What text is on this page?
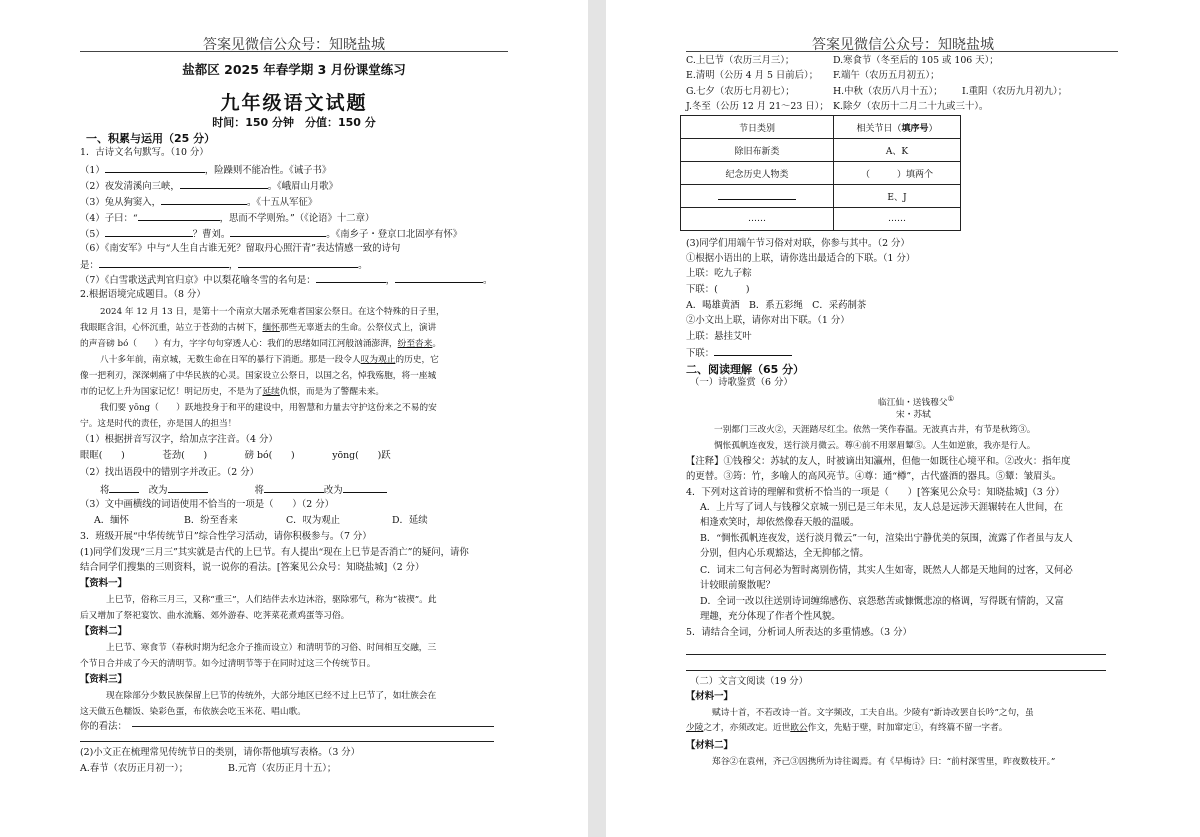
答案见微信公众号：知晓盐城
盐都区 2025 年春学期 3 月份课堂练习
九年级语文试题
时间：150 分钟　分值：150 分
一、积累与运用（25 分）
1．古诗文名句默写。（10 分）
（1）	，险躁则不能冶性。《诫子书》
（2）夜发清溪向三峡，	。《峨眉山月歌》
（3）兔从狗窦入，	。《十五从军征》
（4）子曰：“	，思而不学则殆。”（《论语》十二章）
（5）	？曹刘。	。《南乡子・登京口北固亭有怀》
（6）《南安军》中与“人生自古谁无死？留取丹心照汗青”表达情感一致的诗句
是：	，	。
（7）《白雪歌送武判官归京》中以梨花喻冬雪的名句是：	，	。
2.根据语境完成题目。（8 分）
2024 年 12 月 13 日，是第十一个南京大屠杀死难者国家公祭日。在这个特殊的日子里，
我眼眶含泪，心怀沉重，站立于苍劲的古树下，缅怀那些无辜逝去的生命。公祭仪式上，演讲
的声音磅 bó（　　）有力，字字句句穿透人心：我们的思绪如同江河般汹涌澎湃，纷至沓来。
八十多年前，南京城，无数生命在日军的暴行下消逝。那是一段令人叹为观止的历史，它
像一把利刃，深深刺痛了中华民族的心灵。国家设立公祭日，以国之名，悼我殇胞，将一座城
市的记忆上升为国家记忆！明记历史，不是为了延续仇恨，而是为了警醒未来。
我们要 yōng（　　）跃地投身于和平的建设中，用智慧和力量去守护这份来之不易的安
宁。这是时代的责任，亦是国人的担当！
（1）根据拼音写汉字，给加点字注音。（4 分）
眼眶(　　)　　　　苍劲(　　)　　　　磅 bó(　　)　　　　yōng(　　)跃
（2）找出语段中的错别字并改正。（2 分）
将　	改为　　　　　	将	改为
（3）文中画横线的词语使用不恰当的一项是（　　）（2 分）
A．缅怀	B．纷至沓来	C．叹为观止	D．延续
3．班级开展“中华传统节日”综合性学习活动，请你积极参与。（7 分）
(1)同学们发现“三月三”其实就是古代的上巳节。有人提出“现在上巳节是否消亡”的疑问，请你
结合同学们搜集的三则资料，说一说你的看法。[答案见公众号：知晓盐城]（2 分）
【资料一】
上巳节，俗称三月三，又称“重三”，人们结伴去水边沐浴，驱除邪气，称为“祓禊”。此
后又增加了祭祀宴饮、曲水流觞、郊外游春、吃荠菜花煮鸡蛋等习俗。
【资料二】
上巳节、寒食节（春秋时期为纪念介子推而设立）和清明节的习俗、时间相互交融，三
个节日合并成了今天的清明节。如今过清明节等于在同时过这三个传统节日。
【资料三】
现在除部分少数民族保留上巳节的传统外，大部分地区已经不过上巳节了，如壮族会在
这天做五色糯饭、染彩色蛋，布依族会吃玉米花、唱山歌。
你的看法：
(2)小文正在梳理常见传统节日的类别，请你帮他填写表格。（3 分）
A.春节（农历正月初一）；	B.元宵（农历正月十五）；
答案见微信公众号：知晓盐城
C.上巳节（农历三月三）；	D.寒食节（冬至后的 105 或 106 天）；
E.清明（公历 4 月 5 日前后）； F.端午（农历五月初五）；
G.七夕（农历七月初七）；	H.中秋（农历八月十五）； I.重阳（农历九月初九）；
J.冬至（公历 12 月 21～23 日）； K.除夕（农历十二月二十九或三十）。
节日类别	相关节日（填序号）
除旧布新类	A、K
纪念历史人物类	（　　　）填两个
	E、J
……	……
(3)同学们用端午节习俗对对联，你参与其中。（2 分）
①根据小语出的上联，请你选出最适合的下联。（1 分）
上联：吃九子粽
下联：(　　　)
A．喝雄黄酒　B．系五彩绳　C．采药制茶
②小文出上联，请你对出下联。（1 分）
上联：悬挂艾叶
下联：
二、阅读理解（65 分）
（一）诗歌鉴赏（6 分）
临江仙・送钱穆父①
宋・苏轼
一别都门三改火②，天涯踏尽红尘。依然一笑作春温。无波真古井，有节是秋筠③。
惆怅孤帆连夜发，送行淡月微云。尊④前不用翠眉颦⑤。人生如逆旅，我亦是行人。
【注释】①钱穆父：苏轼的友人，时被谪出知瀛州，但他一如既往心境平和。②改火：指年度
的更替。③筠：竹，多喻人的高风亮节。④尊：通“樽”，古代盛酒的器具。⑤颦：皱眉头。
4．下列对这首诗的理解和赏析不恰当的一项是（　　）[答案见公众号：知晓盐城]（3 分）
A．上片写了词人与钱穆父京城一别已是三年未见，友人总是远涉天涯辗转在人世间，在
相逢欢笑时，却依然像春天般的温暖。
B．“惆怅孤帆连夜发，送行淡月微云”一句，渲染出宁静优美的氛围，流露了作者虽与友人
分别，但内心乐观豁达，全无抑郁之情。
C．词末二句言何必为暂时离别伤情，其实人生如寄，既然人人都是天地间的过客，又何必
计较眼前聚散呢？
D．全词一改以往送别诗词缠绵感伤、哀怨愁苦或慷慨悲凉的格调，写得既有情韵，又富
理趣，充分体现了作者个性风貌。
5．请结合全词，分析词人所表达的多重情感。（3 分）
（二）文言文阅读（19 分）
【材料一】
赋诗十首，不若改诗一首。文字频改，工夫自出。少陵有“新诗改罢自长吟”之句，虽
少陵之才，亦须改定。近世欧公作文，先贴于壁，时加窜定①，有终篇不留一字者。
【材料二】
郑谷②在袁州，齐己③因携所为诗往谒焉。有《早梅诗》曰：“前村深雪里，昨夜数枝开。”
